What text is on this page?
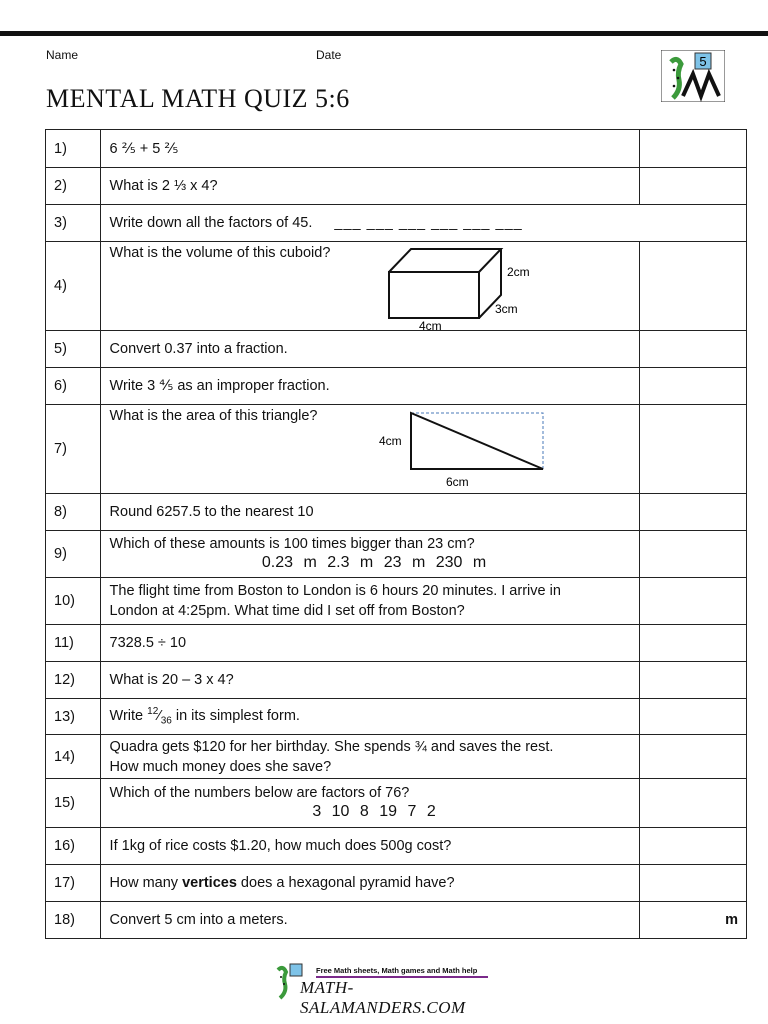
Name	Date
MENTAL MATH QUIZ 5:6
5
1)	6 ⅖ + 5 ⅖	
2)	What is 2 ⅓ x 4?	
3)	Write down all the factors of 45. ___ ___ ___ ___ ___ ___	
4)	What is the volume of this cuboid?
2cm
3cm
4cm	

5)	Convert 0.37 into a fraction.	
6)	Write 3 ⅘ as an improper fraction.	
7)	What is the area of this triangle?
4cm
6cm	

8)	Round 6257.5 to the nearest 10	
9)	Which of these amounts is 100 times bigger than 23 cm?
0.23 m 2.3 m 23 m 230 m	

10)	The flight time from Boston to London is 6 hours 20 minutes. I arrive in
London at 4:25pm. What time did I set off from Boston?	

11)	7328.5 ÷ 10	
12)	What is 20 – 3 x 4?	
13)	Write $^{12}⁄_{36}$ in its simplest form.	
14)	Quadra gets $120 for her birthday. She spends ¾ and saves the rest.
How much money does she save?	

15)	Which of the numbers below are factors of 76?
3 10 8 19 7 2	

16)	If 1kg of rice costs $1.20, how much does 500g cost?	
17)	How many vertices does a hexagonal pyramid have?	
18)	Convert 5 cm into a meters.	m
Free Math sheets, Math games and Math help
MATH-SALAMANDERS.COM
